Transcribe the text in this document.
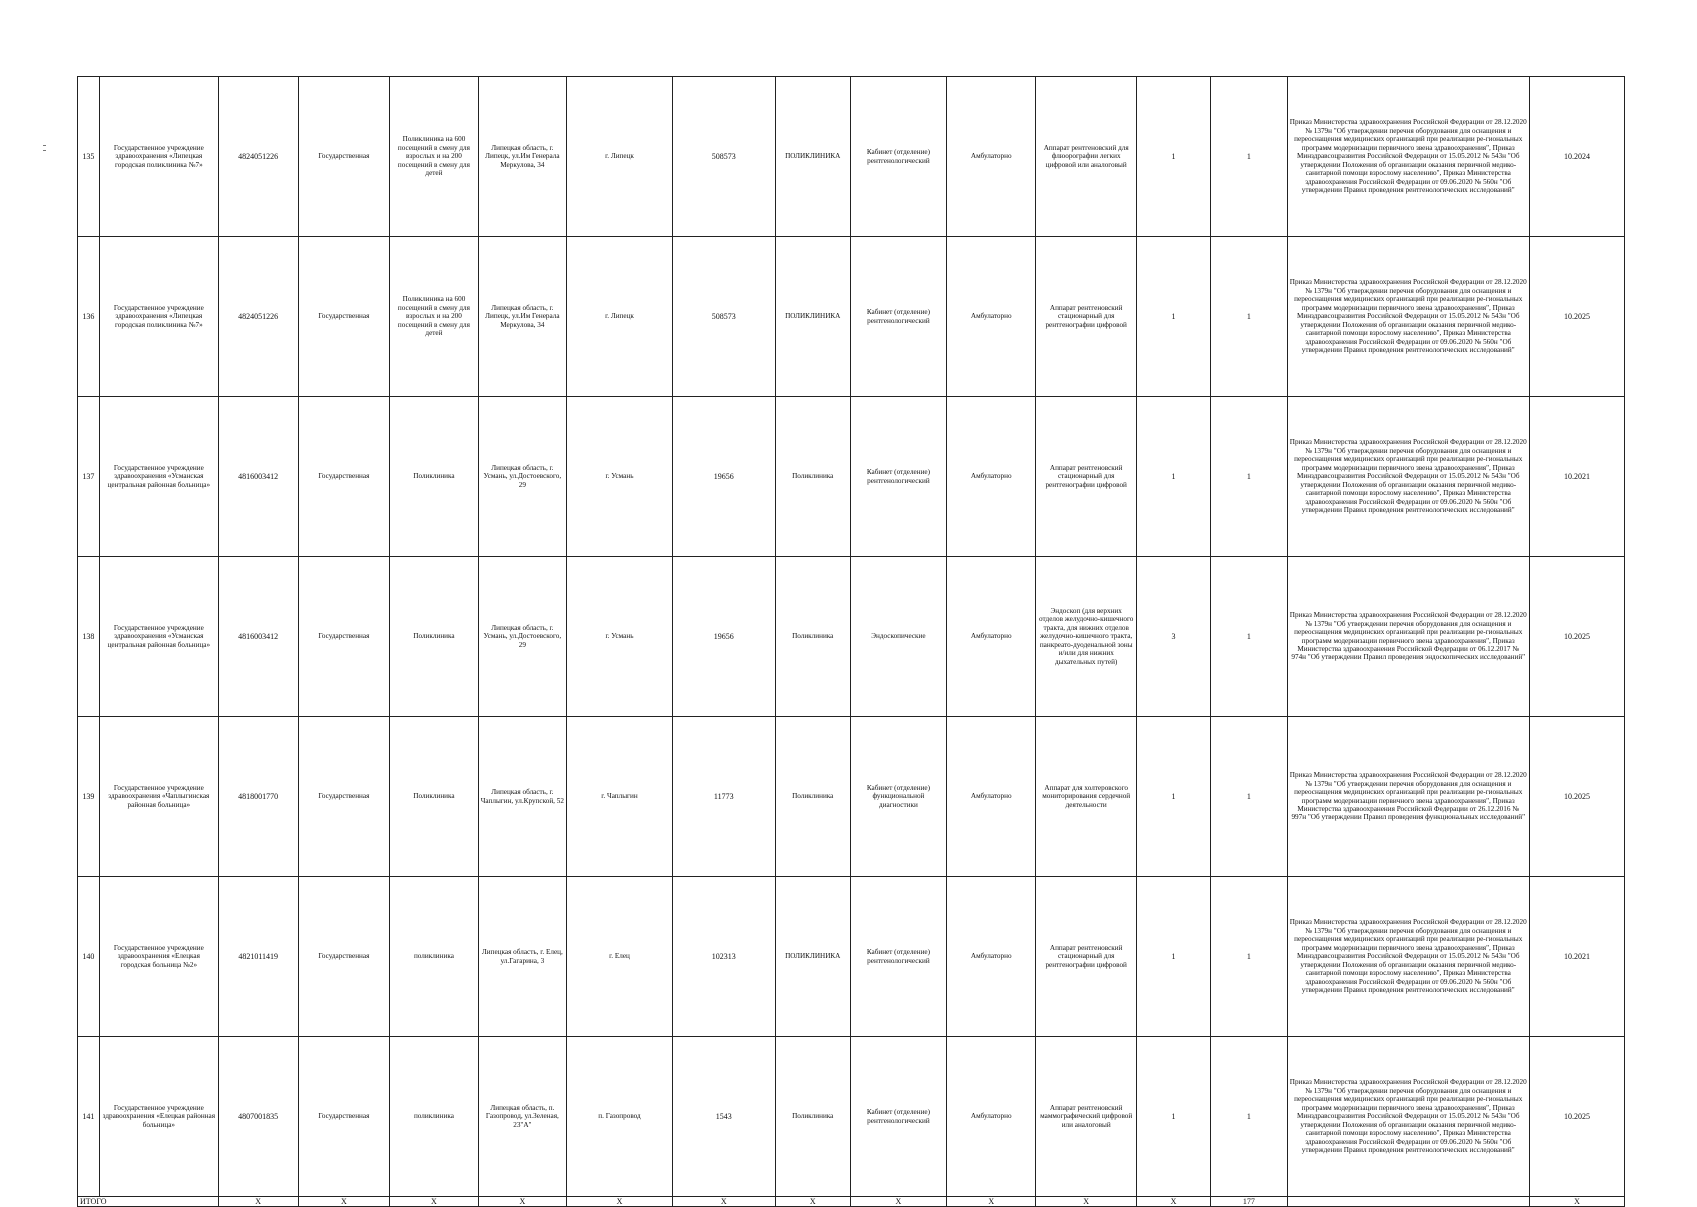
135	Государственное учреждение здравоохранения «Липецкая городская поликлиника №7»	4824051226	Государственная	Поликлиника на 600 посещений в смену для взрослых и на 200 посещений в смену для детей	Липецкая область, г. Липецк, ул.Им Генерала Меркулова, 34	г. Липецк	508573	ПОЛИКЛИНИКА	Кабинет (отделение) рентгенологический	Амбулаторно	Аппарат рентгеновский для флюорографии легких цифровой или аналоговый	1	1	Приказ Министерства здравоохранения Российской Федерации от 28.12.2020 № 1379н "Об утверждении перечня оборудования для оснащения и переоснащения медицинских организаций при реализации ре-гиональных программ модернизации первичного звена здравоохранения", Приказ Минздравсоцразвития Российской Федерации от 15.05.2012 № 543н "Об утверждении Положения об организации оказания первичной медико-санитарной помощи взрослому населению", Приказ Министерства здравоохранения Российской Федерации от 09.06.2020 № 560н "Об утверждении Правил проведения рентгенологических исследований"	10.2024
136	Государственное учреждение здравоохранения «Липецкая городская поликлиника №7»	4824051226	Государственная	Поликлиника на 600 посещений в смену для взрослых и на 200 посещений в смену для детей	Липецкая область, г. Липецк, ул.Им Генерала Меркулова, 34	г. Липецк	508573	ПОЛИКЛИНИКА	Кабинет (отделение) рентгенологический	Амбулаторно	Аппарат рентгеновский стационарный для рентгенографии цифровой	1	1	Приказ Министерства здравоохранения Российской Федерации от 28.12.2020 № 1379н "Об утверждении перечня оборудования для оснащения и переоснащения медицинских организаций при реализации ре-гиональных программ модернизации первичного звена здравоохранения", Приказ Минздравсоцразвития Российской Федерации от 15.05.2012 № 543н "Об утверждении Положения об организации оказания первичной медико-санитарной помощи взрослому населению", Приказ Министерства здравоохранения Российской Федерации от 09.06.2020 № 560н "Об утверждении Правил проведения рентгенологических исследований"	10.2025
137	Государственное учреждение здравоохранения «Усманская центральная районная больница»	4816003412	Государственная	Поликлиника	Липецкая область, г. Усмань, ул.Достоевского, 29	г. Усмань	19656	Поликлиника	Кабинет (отделение) рентгенологический	Амбулаторно	Аппарат рентгеновский стационарный для рентгенографии цифровой	1	1	Приказ Министерства здравоохранения Российской Федерации от 28.12.2020 № 1379н "Об утверждении перечня оборудования для оснащения и переоснащения медицинских организаций при реализации ре-гиональных программ модернизации первичного звена здравоохранения", Приказ Минздравсоцразвития Российской Федерации от 15.05.2012 № 543н "Об утверждении Положения об организации оказания первичной медико-санитарной помощи взрослому населению", Приказ Министерства здравоохранения Российской Федерации от 09.06.2020 № 560н "Об утверждении Правил проведения рентгенологических исследований"	10.2021
138	Государственное учреждение здравоохранения «Усманская центральная районная больница»	4816003412	Государственная	Поликлиника	Липецкая область, г. Усмань, ул.Достоевского, 29	г. Усмань	19656	Поликлиника	Эндоскопические	Амбулаторно	Эндоскоп (для верхних отделов желудочно-кишечного тракта, для нижних отделов желудочно-кишечного тракта, панкреато-дуоденальной зоны и/или для нижних дыхательных путей)	3	1	Приказ Министерства здравоохранения Российской Федерации от 28.12.2020 № 1379н "Об утверждении перечня оборудования для оснащения и переоснащения медицинских организаций при реализации ре-гиональных программ модернизации первичного звена здравоохранения", Приказ Министерства здравоохранения Российской Федерации от 06.12.2017 № 974н "Об утверждении Правил проведения эндоскопических исследований"	10.2025
139	Государственное учреждение здравоохранения «Чаплыгинская районная больница»	4818001770	Государственная	Поликлиника	Липецкая область, г. Чаплыгин, ул.Крупской, 52	г. Чаплыгин	11773	Поликлиника	Кабинет (отделение) функциональной диагностики	Амбулаторно	Аппарат для холтеровского мониторирования сердечной деятельности	1	1	Приказ Министерства здравоохранения Российской Федерации от 28.12.2020 № 1379н "Об утверждении перечня оборудования для оснащения и переоснащения медицинских организаций при реализации ре-гиональных программ модернизации первичного звена здравоохранения", Приказ Министерства здравоохранения Российской Федерации от 26.12.2016 № 997н "Об утверждении Правил проведения функциональных исследований"	10.2025
140	Государственное учреждение здравоохранения «Елецкая городская больница №2»	4821011419	Государственная	поликлиника	Липецкая область, г. Елец, ул.Гагарина, 3	г. Елец	102313	ПОЛИКЛИНИКА	Кабинет (отделение) рентгенологический	Амбулаторно	Аппарат рентгеновский стационарный для рентгенографии цифровой	1	1	Приказ Министерства здравоохранения Российской Федерации от 28.12.2020 № 1379н "Об утверждении перечня оборудования для оснащения и переоснащения медицинских организаций при реализации ре-гиональных программ модернизации первичного звена здравоохранения", Приказ Минздравсоцразвития Российской Федерации от 15.05.2012 № 543н "Об утверждении Положения об организации оказания первичной медико-санитарной помощи взрослому населению", Приказ Министерства здравоохранения Российской Федерации от 09.06.2020 № 560н "Об утверждении Правил проведения рентгенологических исследований"	10.2021
141	Государственное учреждение здравоохранения «Елецкая районная больница»	4807001835	Государственная	поликлиника	Липецкая область, п. Газопровод, ул.Зеленая, 23"А"	п. Газопровод	1543	Поликлиника	Кабинет (отделение) рентгенологический	Амбулаторно	Аппарат рентгеновский маммографический цифровой или аналоговый	1	1	Приказ Министерства здравоохранения Российской Федерации от 28.12.2020 № 1379н "Об утверждении перечня оборудования для оснащения и переоснащения медицинских организаций при реализации ре-гиональных программ модернизации первичного звена здравоохранения", Приказ Минздравсоцразвития Российской Федерации от 15.05.2012 № 543н "Об утверждении Положения об организации оказания первичной медико-санитарной помощи взрослому населению", Приказ Министерства здравоохранения Российской Федерации от 09.06.2020 № 560н "Об утверждении Правил проведения рентгенологических исследований"	10.2025
ИТОГО		X	X	X	X	X	X	X	X	X	X	X	177		X
